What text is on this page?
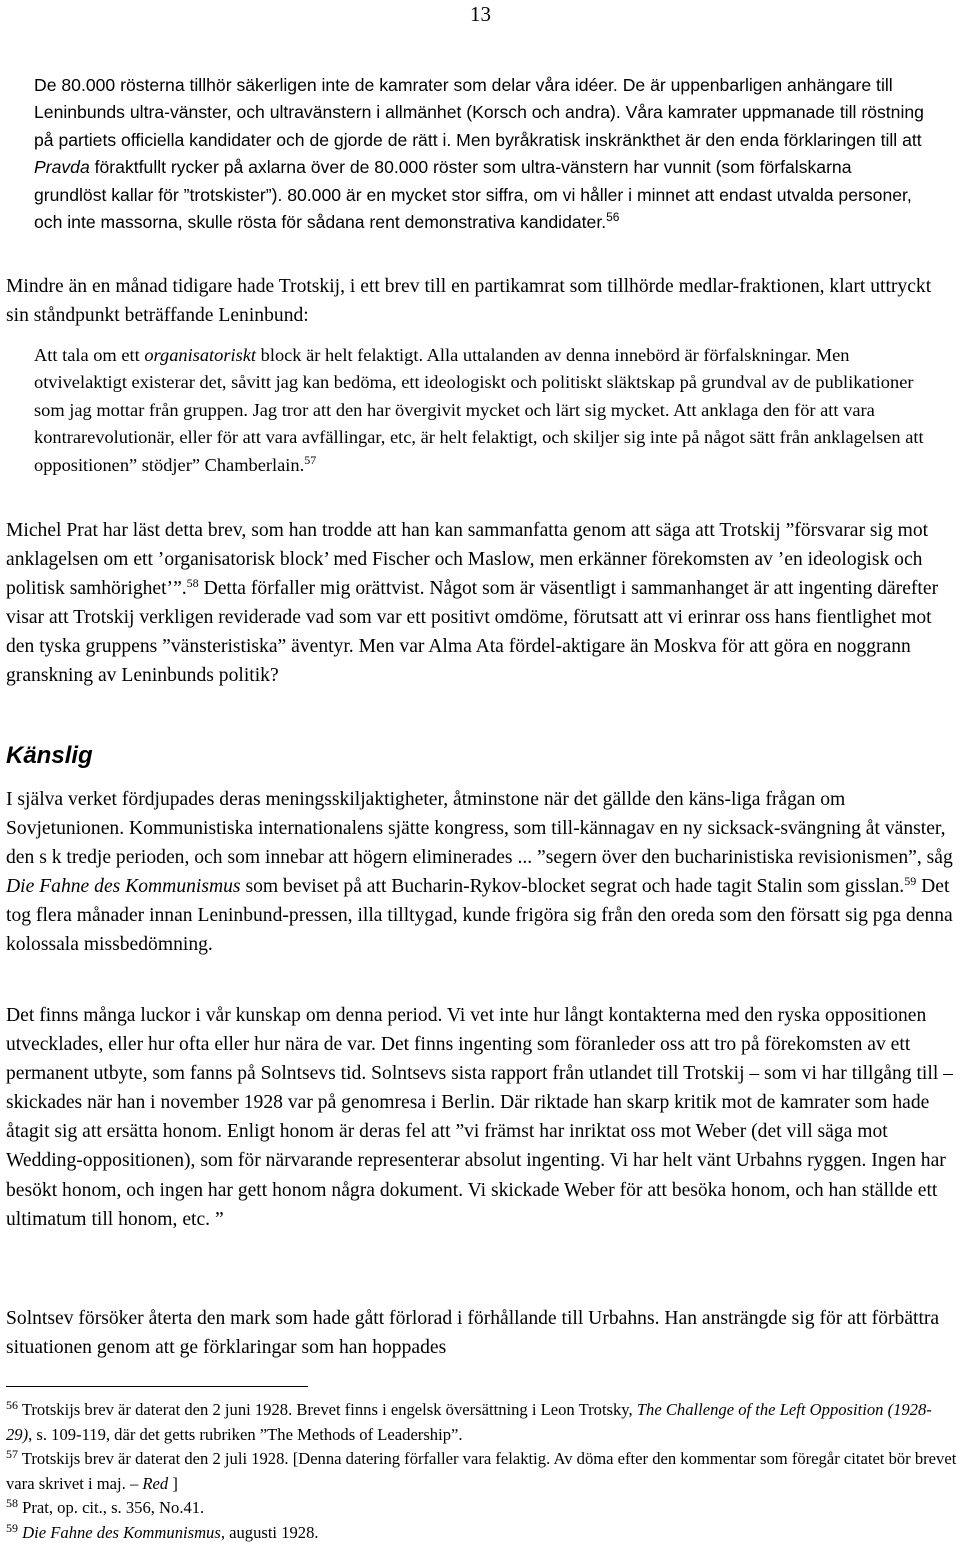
13

De 80.000 rösterna tillhör säkerligen inte de kamrater som delar våra idéer. De är uppenbarligen anhängare till Leninbunds ultra-vänster, och ultravänstern i allmänhet (Korsch och andra). Våra kamrater uppmanade till röstning på partiets officiella kandidater och de gjorde de rätt i. Men byråkratisk inskränkthet är den enda förklaringen till att Pravda föraktfullt rycker på axlarna över de 80.000 röster som ultra-vänstern har vunnit (som förfalskarna grundlöst kallar för ”trotskister”). 80.000 är en mycket stor siffra, om vi håller i minnet att endast utvalda personer, och inte massorna, skulle rösta för sådana rent demonstrativa kandidater.$^{56}$

Mindre än en månad tidigare hade Trotskij, i ett brev till en partikamrat som tillhörde medlar-fraktionen, klart uttryckt sin ståndpunkt beträffande Leninbund:

Att tala om ett organisatoriskt block är helt felaktigt. Alla uttalanden av denna innebörd är förfalskningar. Men otvivelaktigt existerar det, såvitt jag kan bedöma, ett ideologiskt och politiskt släktskap på grundval av de publikationer som jag mottar från gruppen. Jag tror att den har övergivit mycket och lärt sig mycket. Att anklaga den för att vara kontrarevolutionär, eller för att vara avfällingar, etc, är helt felaktigt, och skiljer sig inte på något sätt från anklagelsen att oppositionen” stödjer” Chamberlain.$^{57}$

Michel Prat har läst detta brev, som han trodde att han kan sammanfatta genom att säga att Trotskij ”försvarar sig mot anklagelsen om ett ’organisatorisk block’ med Fischer och Maslow, men erkänner förekomsten av ’en ideologisk och politisk samhörighet’”.$^{58}$ Detta förfaller mig orättvist. Något som är väsentligt i sammanhanget är att ingenting därefter visar att Trotskij verkligen reviderade vad som var ett positivt omdöme, förutsatt att vi erinrar oss hans fientlighet mot den tyska gruppens ”vänsteristiska” äventyr. Men var Alma Ata fördel-aktigare än Moskva för att göra en noggrann granskning av Leninbunds politik?

Känslig

I själva verket fördjupades deras meningsskiljaktigheter, åtminstone när det gällde den käns-liga frågan om Sovjetunionen. Kommunistiska internationalens sjätte kongress, som till-kännagav en ny sicksack-svängning åt vänster, den s k tredje perioden, och som innebar att högern eliminerades ... ”segern över den bucharinistiska revisionismen”, såg Die Fahne des Kommunismus som beviset på att Bucharin-Rykov-blocket segrat och hade tagit Stalin som gisslan.$^{59}$ Det tog flera månader innan Leninbund-pressen, illa tilltygad, kunde frigöra sig från den oreda som den försatt sig pga denna kolossala missbedömning.

Det finns många luckor i vår kunskap om denna period. Vi vet inte hur långt kontakterna med den ryska oppositionen utvecklades, eller hur ofta eller hur nära de var. Det finns ingenting som föranleder oss att tro på förekomsten av ett permanent utbyte, som fanns på Solntsevs tid. Solntsevs sista rapport från utlandet till Trotskij – som vi har tillgång till – skickades när han i november 1928 var på genomresa i Berlin. Där riktade han skarp kritik mot de kamrater som hade åtagit sig att ersätta honom. Enligt honom är deras fel att ”vi främst har inriktat oss mot Weber (det vill säga mot Wedding-oppositionen), som för närvarande representerar absolut ingenting. Vi har helt vänt Urbahns ryggen. Ingen har besökt honom, och ingen har gett honom några dokument. Vi skickade Weber för att besöka honom, och han ställde ett ultimatum till honom, etc. ”

Solntsev försöker återta den mark som hade gått förlorad i förhållande till Urbahns. Han ansträngde sig för att förbättra situationen genom att ge förklaringar som han hoppades

$^{56}$ Trotskijs brev är daterat den 2 juni 1928. Brevet finns i engelsk översättning i Leon Trotsky, The Challenge of the Left Opposition (1928-29), s. 109-119, där det getts rubriken ”The Methods of Leadership”.

$^{57}$ Trotskijs brev är daterat den 2 juli 1928. [Denna datering förfaller vara felaktig. Av döma efter den kommentar som föregår citatet bör brevet vara skrivet i maj. – Red ]

$^{58}$ Prat, op. cit., s. 356, No.41.

$^{59}$ Die Fahne des Kommunismus, augusti 1928.
